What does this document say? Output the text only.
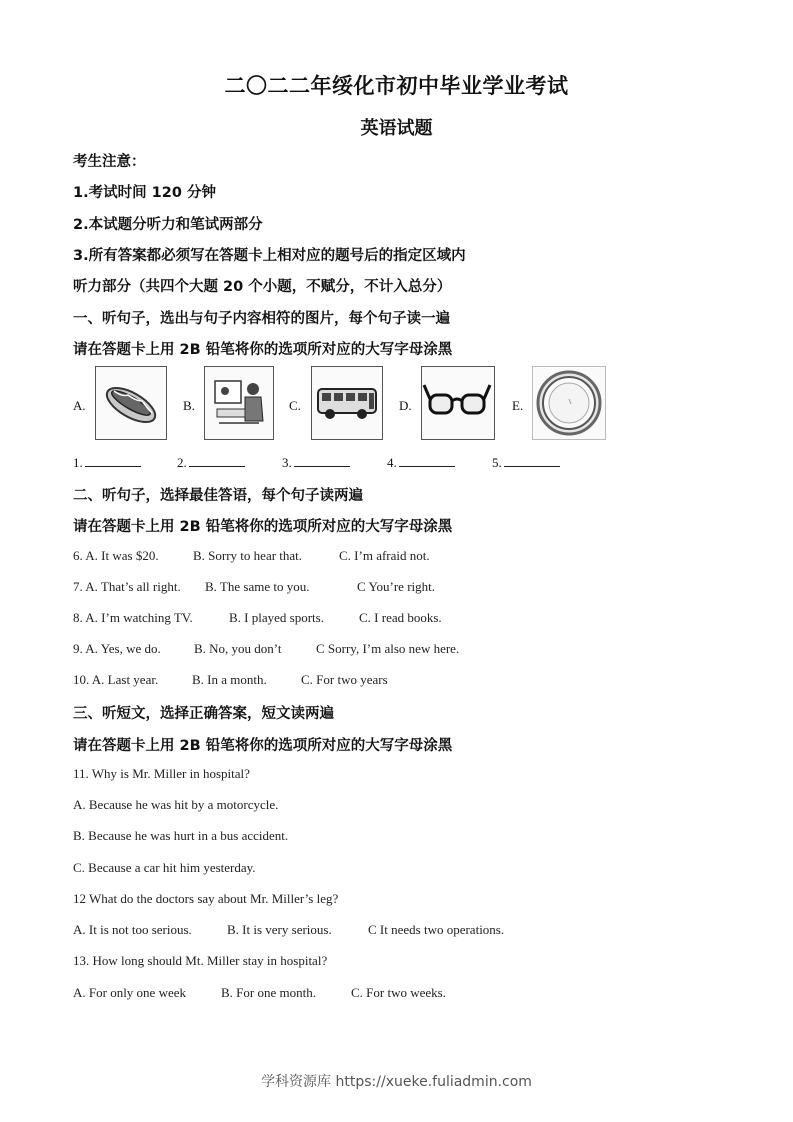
二〇二二年绥化市初中毕业学业考试
英语试题
考生注意：
1.考试时间 120 分钟
2.本试题分听力和笔试两部分
3.所有答案都必须写在答题卡上相对应的题号后的指定区域内
听力部分（共四个大题 20 个小题，不赋分，不计入总分）
一、听句子，选出与句子内容相符的图片，每个句子读一遍
请在答题卡上用 2B 铅笔将你的选项所对应的大写字母涂黑
A.	B.	C.	D.	E.
1.	2.	3.	4.	5.
二、听句子，选择最佳答语，每个句子读两遍
请在答题卡上用 2B 铅笔将你的选项所对应的大写字母涂黑
6. A. It was $20.	B. Sorry to hear that.	C. I’m afraid not.
7. A. That’s all right. B. The same to you.	C You’re right.
8. A. I’m watching TV.	B. I played sports.	C. I read books.
9. A. Yes, we do.	B. No, you don’t	C Sorry, I’m also new here.
10. A. Last year.	B. In a month.	C. For two years
三、听短文，选择正确答案，短文读两遍
请在答题卡上用 2B 铅笔将你的选项所对应的大写字母涂黑
11. Why is Mr. Miller in hospital?
A. Because he was hit by a motorcycle.
B. Because he was hurt in a bus accident.
C. Because a car hit him yesterday.
12 What do the doctors say about Mr. Miller’s leg?
A. It is not too serious.	B. It is very serious.	C It needs two operations.
13. How long should Mt. Miller stay in hospital?
A. For only one week	B. For one month.	C. For two weeks.
学科资源库 https://xueke.fuliadmin.com
